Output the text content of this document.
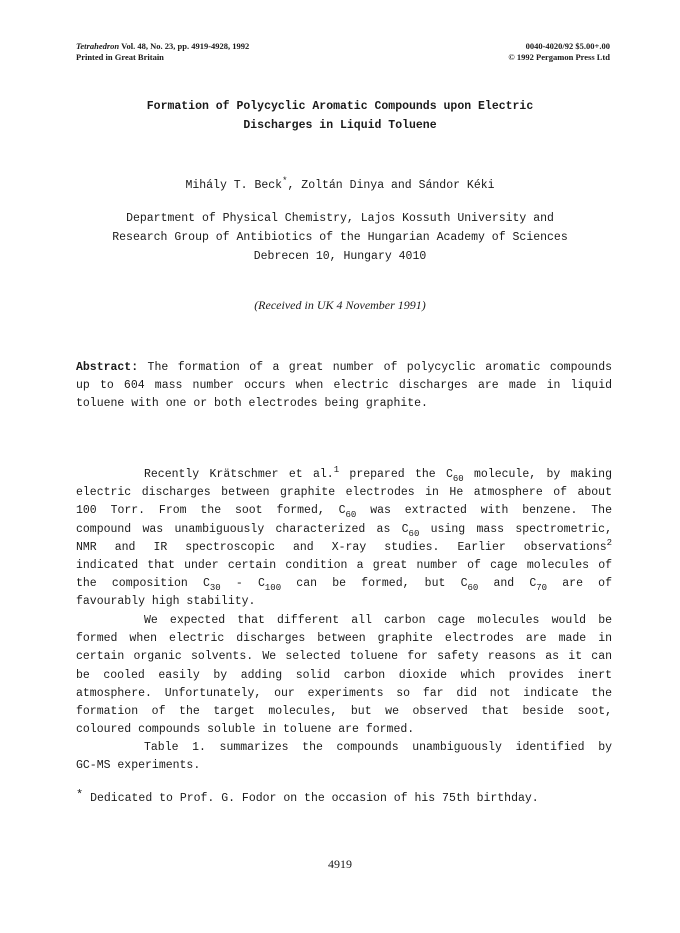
Tetrahedron Vol. 48, No. 23, pp. 4919-4928, 1992
Printed in Great Britain
0040-4020/92 $5.00+.00
© 1992 Pergamon Press Ltd
Formation of Polycyclic Aromatic Compounds upon Electric
Discharges in Liquid Toluene
Mihály T. Beck*, Zoltán Dinya and Sándor Kéki
Department of Physical Chemistry, Lajos Kossuth University and
Research Group of Antibiotics of the Hungarian Academy of Sciences
Debrecen 10, Hungary 4010
(Received in UK 4 November 1991)
Abstract: The formation of a great number of polycyclic aromatic compounds
up to 604 mass number occurs when electric discharges are made in liquid
toluene with one or both electrodes being graphite.
Recently Krätschmer et al.$^1$ prepared the $C_{60}$ molecule, by making
electric discharges between graphite electrodes in He atmosphere of about
100 Torr. From the soot formed, $C_{60}$ was extracted with benzene. The
compound was unambiguously characterized as $C_{60}$ using mass spectrometric,
NMR and IR spectroscopic and X-ray studies. Earlier observations$^2$
indicated that under certain condition a great number of cage molecules of
the composition $C_{30} - C_{100}$ can be formed, but $C_{60}$ and $C_{70}$ are of
favourably high stability.
We expected that different all carbon cage molecules would be
formed when electric discharges between graphite electrodes are made in
certain organic solvents. We selected toluene for safety reasons as it can
be cooled easily by adding solid carbon dioxide which provides inert
atmosphere. Unfortunately, our experiments so far did not indicate the
formation of the target molecules, but we observed that beside soot,
coloured compounds soluble in toluene are formed.
Table 1. summarizes the compounds unambiguously identified by
GC-MS experiments.
* Dedicated to Prof. G. Fodor on the occasion of his 75th birthday.
4919
